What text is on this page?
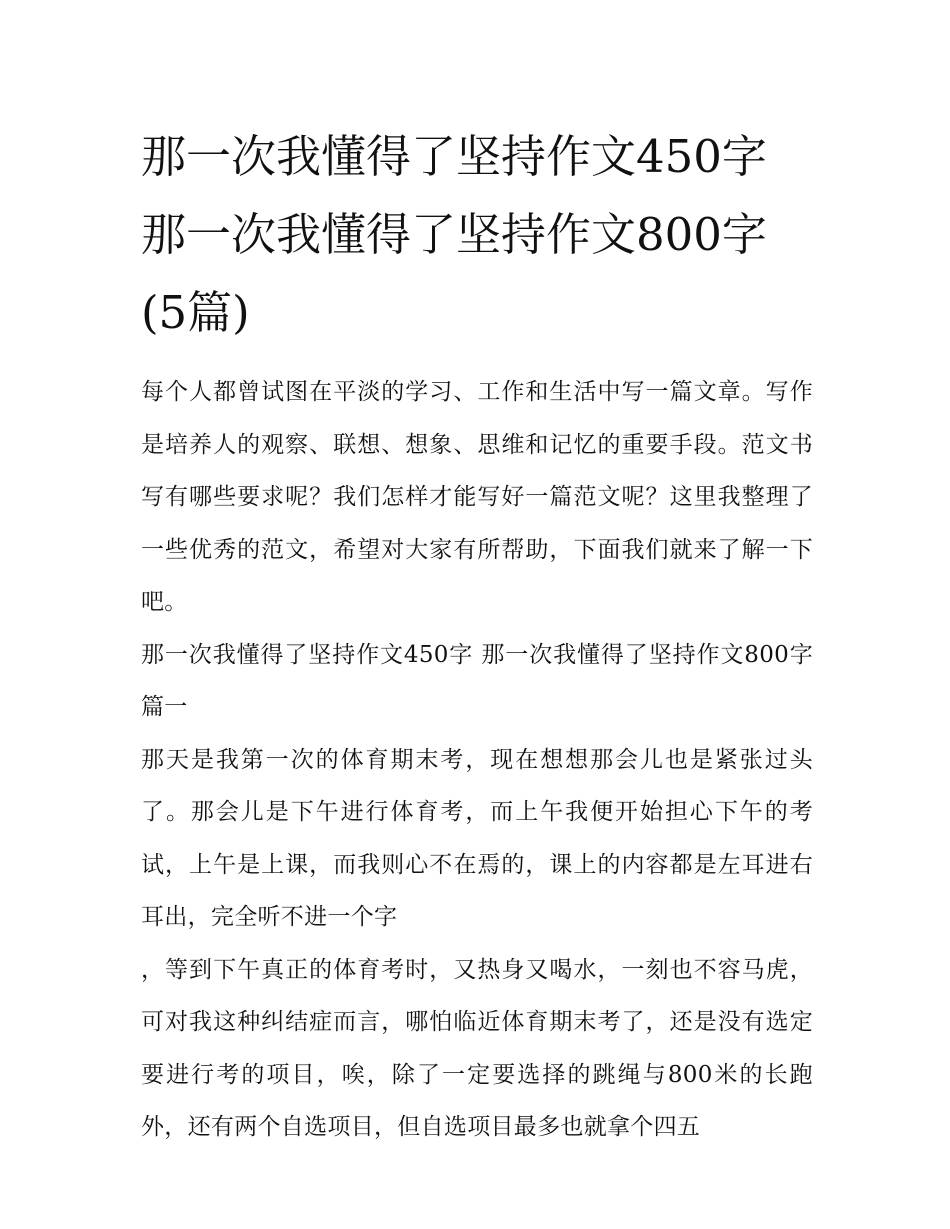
那一次我懂得了坚持作文450字 那一次我懂得了坚持作文800字(5篇)

每个人都曾试图在平淡的学习、工作和生活中写一篇文章。写作是培养人的观察、联想、想象、思维和记忆的重要手段。范文书写有哪些要求呢？我们怎样才能写好一篇范文呢？这里我整理了一些优秀的范文，希望对大家有所帮助，下面我们就来了解一下吧。

那一次我懂得了坚持作文450字 那一次我懂得了坚持作文800字篇一

那天是我第一次的体育期末考，现在想想那会儿也是紧张过头了。那会儿是下午进行体育考，而上午我便开始担心下午的考试，上午是上课，而我则心不在焉的，课上的内容都是左耳进右耳出，完全听不进一个字

，等到下午真正的体育考时，又热身又喝水，一刻也不容马虎，可对我这种纠结症而言，哪怕临近体育期末考了，还是没有选定要进行考的项目，唉，除了一定要选择的跳绳与800米的长跑外，还有两个自选项目，但自选项目最多也就拿个四五
